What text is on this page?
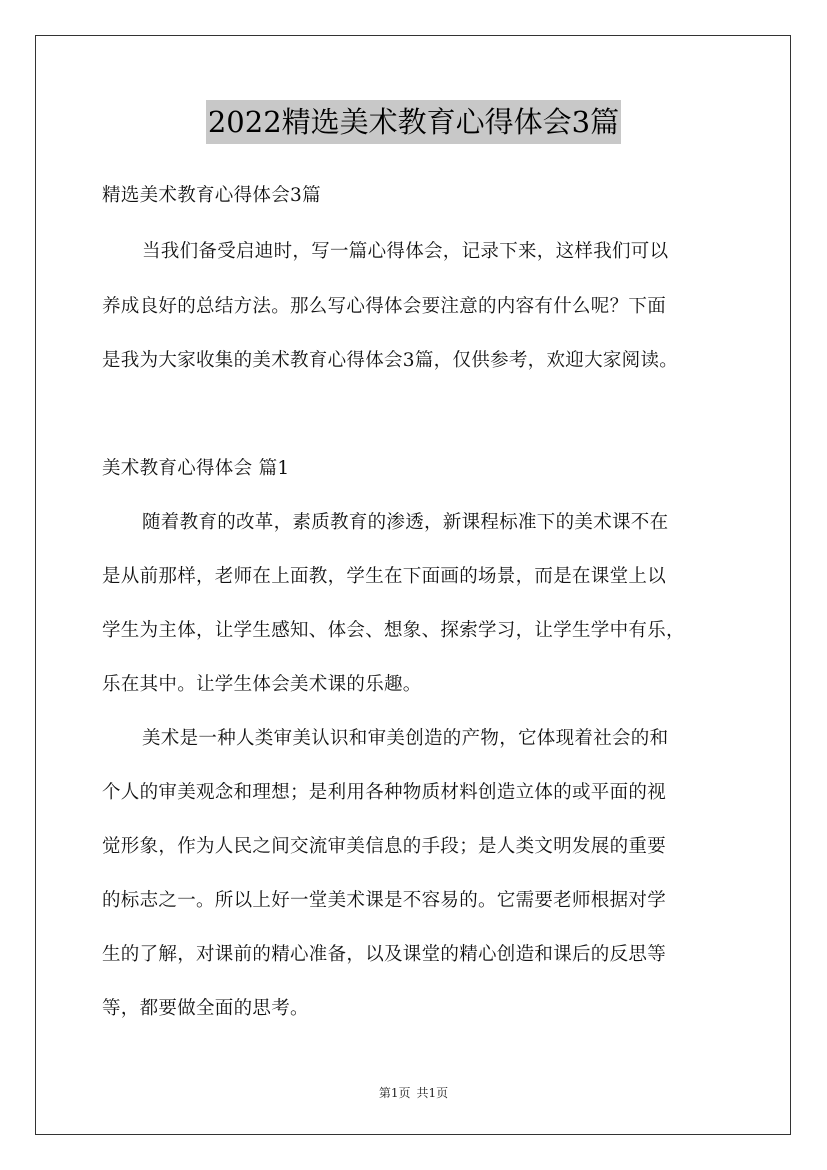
2022精选美术教育心得体会3篇
精选美术教育心得体会3篇
当我们备受启迪时，写一篇心得体会，记录下来，这样我们可以
养成良好的总结方法。那么写心得体会要注意的内容有什么呢？下面
是我为大家收集的美术教育心得体会3篇，仅供参考，欢迎大家阅读。
美术教育心得体会 篇1
随着教育的改革，素质教育的渗透，新课程标准下的美术课不在
是从前那样，老师在上面教，学生在下面画的场景，而是在课堂上以
学生为主体，让学生感知、体会、想象、探索学习，让学生学中有乐，
乐在其中。让学生体会美术课的乐趣。
美术是一种人类审美认识和审美创造的产物，它体现着社会的和
个人的审美观念和理想；是利用各种物质材料创造立体的或平面的视
觉形象，作为人民之间交流审美信息的手段；是人类文明发展的重要
的标志之一。所以上好一堂美术课是不容易的。它需要老师根据对学
生的了解，对课前的精心准备，以及课堂的精心创造和课后的反思等
等，都要做全面的思考。
第1页 共1页
